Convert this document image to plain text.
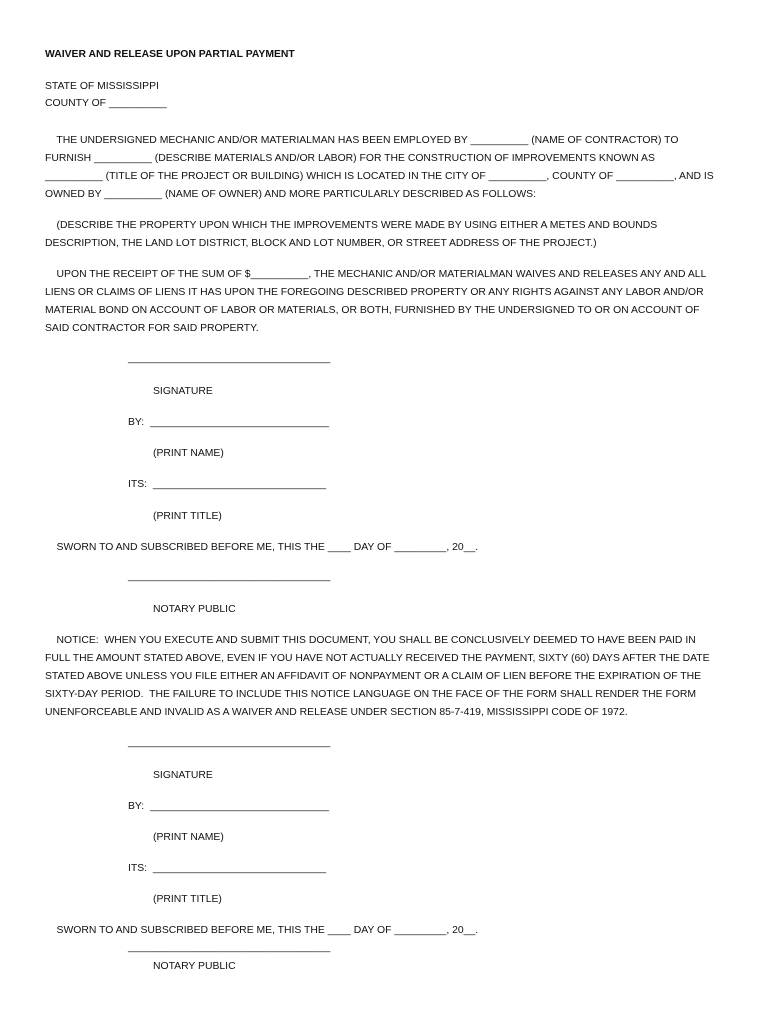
WAIVER AND RELEASE UPON PARTIAL PAYMENT
STATE OF MISSISSIPPI
COUNTY OF __________
THE UNDERSIGNED MECHANIC AND/OR MATERIALMAN HAS BEEN EMPLOYED BY __________ (NAME OF CONTRACTOR) TO
FURNISH __________ (DESCRIBE MATERIALS AND/OR LABOR) FOR THE CONSTRUCTION OF IMPROVEMENTS KNOWN AS
__________ (TITLE OF THE PROJECT OR BUILDING) WHICH IS LOCATED IN THE CITY OF __________, COUNTY OF __________, AND IS
OWNED BY __________ (NAME OF OWNER) AND MORE PARTICULARLY DESCRIBED AS FOLLOWS:
(DESCRIBE THE PROPERTY UPON WHICH THE IMPROVEMENTS WERE MADE BY USING EITHER A METES AND BOUNDS
DESCRIPTION, THE LAND LOT DISTRICT, BLOCK AND LOT NUMBER, OR STREET ADDRESS OF THE PROJECT.)
UPON THE RECEIPT OF THE SUM OF $__________, THE MECHANIC AND/OR MATERIALMAN WAIVES AND RELEASES ANY AND ALL
LIENS OR CLAIMS OF LIENS IT HAS UPON THE FOREGOING DESCRIBED PROPERTY OR ANY RIGHTS AGAINST ANY LABOR AND/OR
MATERIAL BOND ON ACCOUNT OF LABOR OR MATERIALS, OR BOTH, FURNISHED BY THE UNDERSIGNED TO OR ON ACCOUNT OF
SAID CONTRACTOR FOR SAID PROPERTY.
___________________________________
SIGNATURE
BY:  _______________________________
(PRINT NAME)
ITS:  ______________________________
(PRINT TITLE)
SWORN TO AND SUBSCRIBED BEFORE ME, THIS THE ____ DAY OF _________, 20__.
___________________________________
NOTARY PUBLIC
NOTICE:  WHEN YOU EXECUTE AND SUBMIT THIS DOCUMENT, YOU SHALL BE CONCLUSIVELY DEEMED TO HAVE BEEN PAID IN
FULL THE AMOUNT STATED ABOVE, EVEN IF YOU HAVE NOT ACTUALLY RECEIVED THE PAYMENT, SIXTY (60) DAYS AFTER THE DATE
STATED ABOVE UNLESS YOU FILE EITHER AN AFFIDAVIT OF NONPAYMENT OR A CLAIM OF LIEN BEFORE THE EXPIRATION OF THE
SIXTY-DAY PERIOD.  THE FAILURE TO INCLUDE THIS NOTICE LANGUAGE ON THE FACE OF THE FORM SHALL RENDER THE FORM
UNENFORCEABLE AND INVALID AS A WAIVER AND RELEASE UNDER SECTION 85-7-419, MISSISSIPPI CODE OF 1972.
___________________________________
SIGNATURE
BY:  _______________________________
(PRINT NAME)
ITS:  ______________________________
(PRINT TITLE)
SWORN TO AND SUBSCRIBED BEFORE ME, THIS THE ____ DAY OF _________, 20__.
___________________________________
NOTARY PUBLIC
